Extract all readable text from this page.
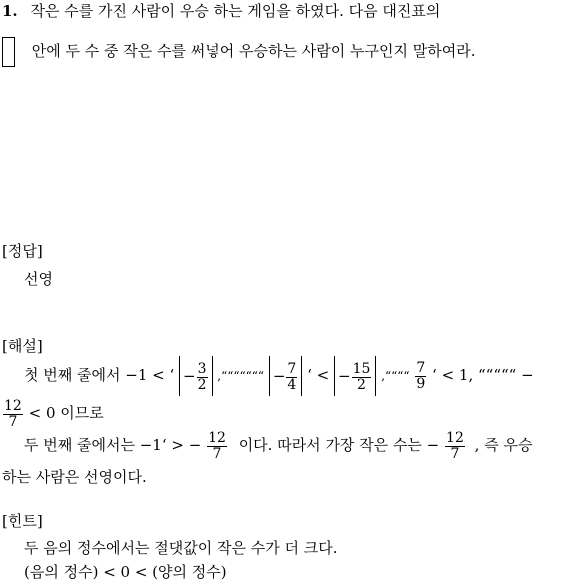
1. 작은 수를 가진 사람이 우승 하는 게임을 하였다. 다음 대진표의
안에 두 수 중 작은 수를 써넣어 우승하는 사람이 누구인지 말하여라.
[정답]
선영
[해설]
첫 번째 줄에서 −1 < ‘ − $\frac{3}{2}$ ,“““““““ − $\frac{7}{4}$ ‘ < − $\frac{15}{2}$ ,““““ $\frac{7}{9}$ ‘ < 1, “““““ −
$\frac{12}{7} < 0$ 이므로
두 번째 줄에서는 −1‘ > − $\frac{12}{7}$ 이다. 따라서 가장 작은 수는 − $\frac{12}{7}$ , 즉 우승
하는 사람은 선영이다.
[힌트]
두 음의 정수에서는 절댓값이 작은 수가 더 크다.
(음의 정수) < 0 < (양의 정수)
